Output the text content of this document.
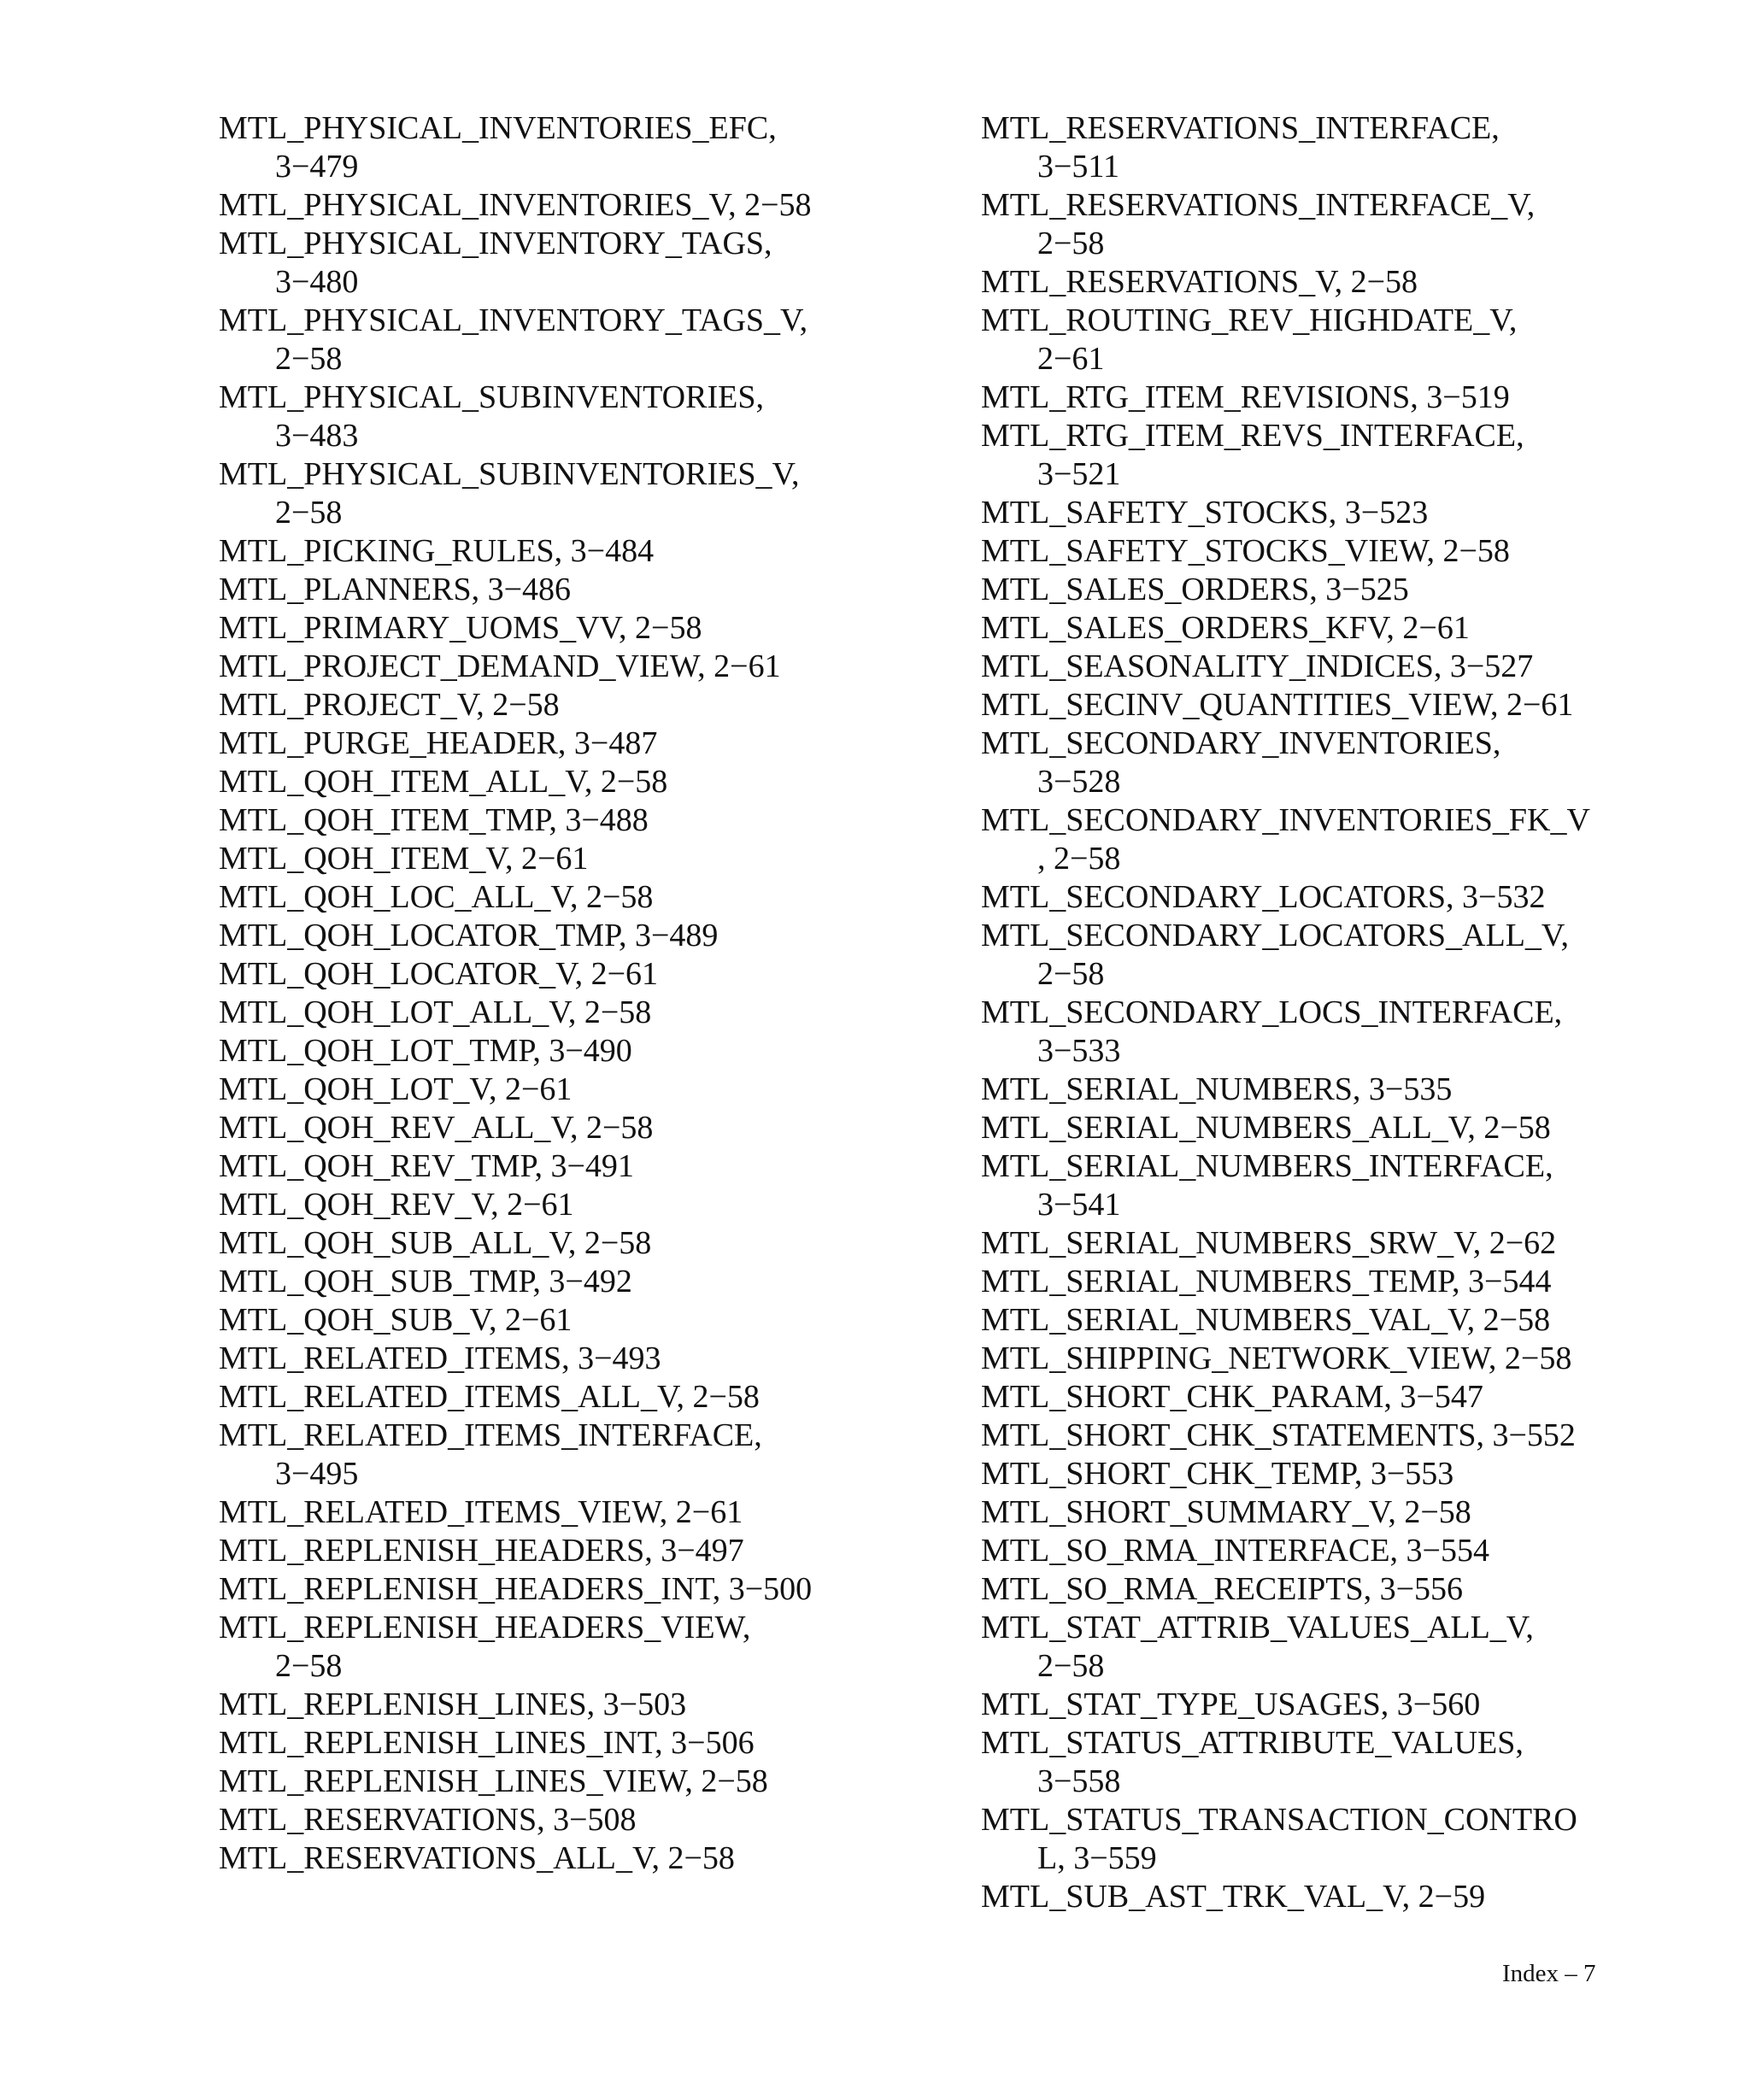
MTL_PHYSICAL_INVENTORIES_EFC,
3−479
MTL_PHYSICAL_INVENTORIES_V, 2−58
MTL_PHYSICAL_INVENTORY_TAGS,
3−480
MTL_PHYSICAL_INVENTORY_TAGS_V,
2−58
MTL_PHYSICAL_SUBINVENTORIES,
3−483
MTL_PHYSICAL_SUBINVENTORIES_V,
2−58
MTL_PICKING_RULES, 3−484
MTL_PLANNERS, 3−486
MTL_PRIMARY_UOMS_VV, 2−58
MTL_PROJECT_DEMAND_VIEW, 2−61
MTL_PROJECT_V, 2−58
MTL_PURGE_HEADER, 3−487
MTL_QOH_ITEM_ALL_V, 2−58
MTL_QOH_ITEM_TMP, 3−488
MTL_QOH_ITEM_V, 2−61
MTL_QOH_LOC_ALL_V, 2−58
MTL_QOH_LOCATOR_TMP, 3−489
MTL_QOH_LOCATOR_V, 2−61
MTL_QOH_LOT_ALL_V, 2−58
MTL_QOH_LOT_TMP, 3−490
MTL_QOH_LOT_V, 2−61
MTL_QOH_REV_ALL_V, 2−58
MTL_QOH_REV_TMP, 3−491
MTL_QOH_REV_V, 2−61
MTL_QOH_SUB_ALL_V, 2−58
MTL_QOH_SUB_TMP, 3−492
MTL_QOH_SUB_V, 2−61
MTL_RELATED_ITEMS, 3−493
MTL_RELATED_ITEMS_ALL_V, 2−58
MTL_RELATED_ITEMS_INTERFACE,
3−495
MTL_RELATED_ITEMS_VIEW, 2−61
MTL_REPLENISH_HEADERS, 3−497
MTL_REPLENISH_HEADERS_INT, 3−500
MTL_REPLENISH_HEADERS_VIEW,
2−58
MTL_REPLENISH_LINES, 3−503
MTL_REPLENISH_LINES_INT, 3−506
MTL_REPLENISH_LINES_VIEW, 2−58
MTL_RESERVATIONS, 3−508
MTL_RESERVATIONS_ALL_V, 2−58
MTL_RESERVATIONS_INTERFACE,
3−511
MTL_RESERVATIONS_INTERFACE_V,
2−58
MTL_RESERVATIONS_V, 2−58
MTL_ROUTING_REV_HIGHDATE_V,
2−61
MTL_RTG_ITEM_REVISIONS, 3−519
MTL_RTG_ITEM_REVS_INTERFACE,
3−521
MTL_SAFETY_STOCKS, 3−523
MTL_SAFETY_STOCKS_VIEW, 2−58
MTL_SALES_ORDERS, 3−525
MTL_SALES_ORDERS_KFV, 2−61
MTL_SEASONALITY_INDICES, 3−527
MTL_SECINV_QUANTITIES_VIEW, 2−61
MTL_SECONDARY_INVENTORIES,
3−528
MTL_SECONDARY_INVENTORIES_FK_V
, 2−58
MTL_SECONDARY_LOCATORS, 3−532
MTL_SECONDARY_LOCATORS_ALL_V,
2−58
MTL_SECONDARY_LOCS_INTERFACE,
3−533
MTL_SERIAL_NUMBERS, 3−535
MTL_SERIAL_NUMBERS_ALL_V, 2−58
MTL_SERIAL_NUMBERS_INTERFACE,
3−541
MTL_SERIAL_NUMBERS_SRW_V, 2−62
MTL_SERIAL_NUMBERS_TEMP, 3−544
MTL_SERIAL_NUMBERS_VAL_V, 2−58
MTL_SHIPPING_NETWORK_VIEW, 2−58
MTL_SHORT_CHK_PARAM, 3−547
MTL_SHORT_CHK_STATEMENTS, 3−552
MTL_SHORT_CHK_TEMP, 3−553
MTL_SHORT_SUMMARY_V, 2−58
MTL_SO_RMA_INTERFACE, 3−554
MTL_SO_RMA_RECEIPTS, 3−556
MTL_STAT_ATTRIB_VALUES_ALL_V,
2−58
MTL_STAT_TYPE_USAGES, 3−560
MTL_STATUS_ATTRIBUTE_VALUES,
3−558
MTL_STATUS_TRANSACTION_CONTRO
L, 3−559
MTL_SUB_AST_TRK_VAL_V, 2−59
Index – 7
